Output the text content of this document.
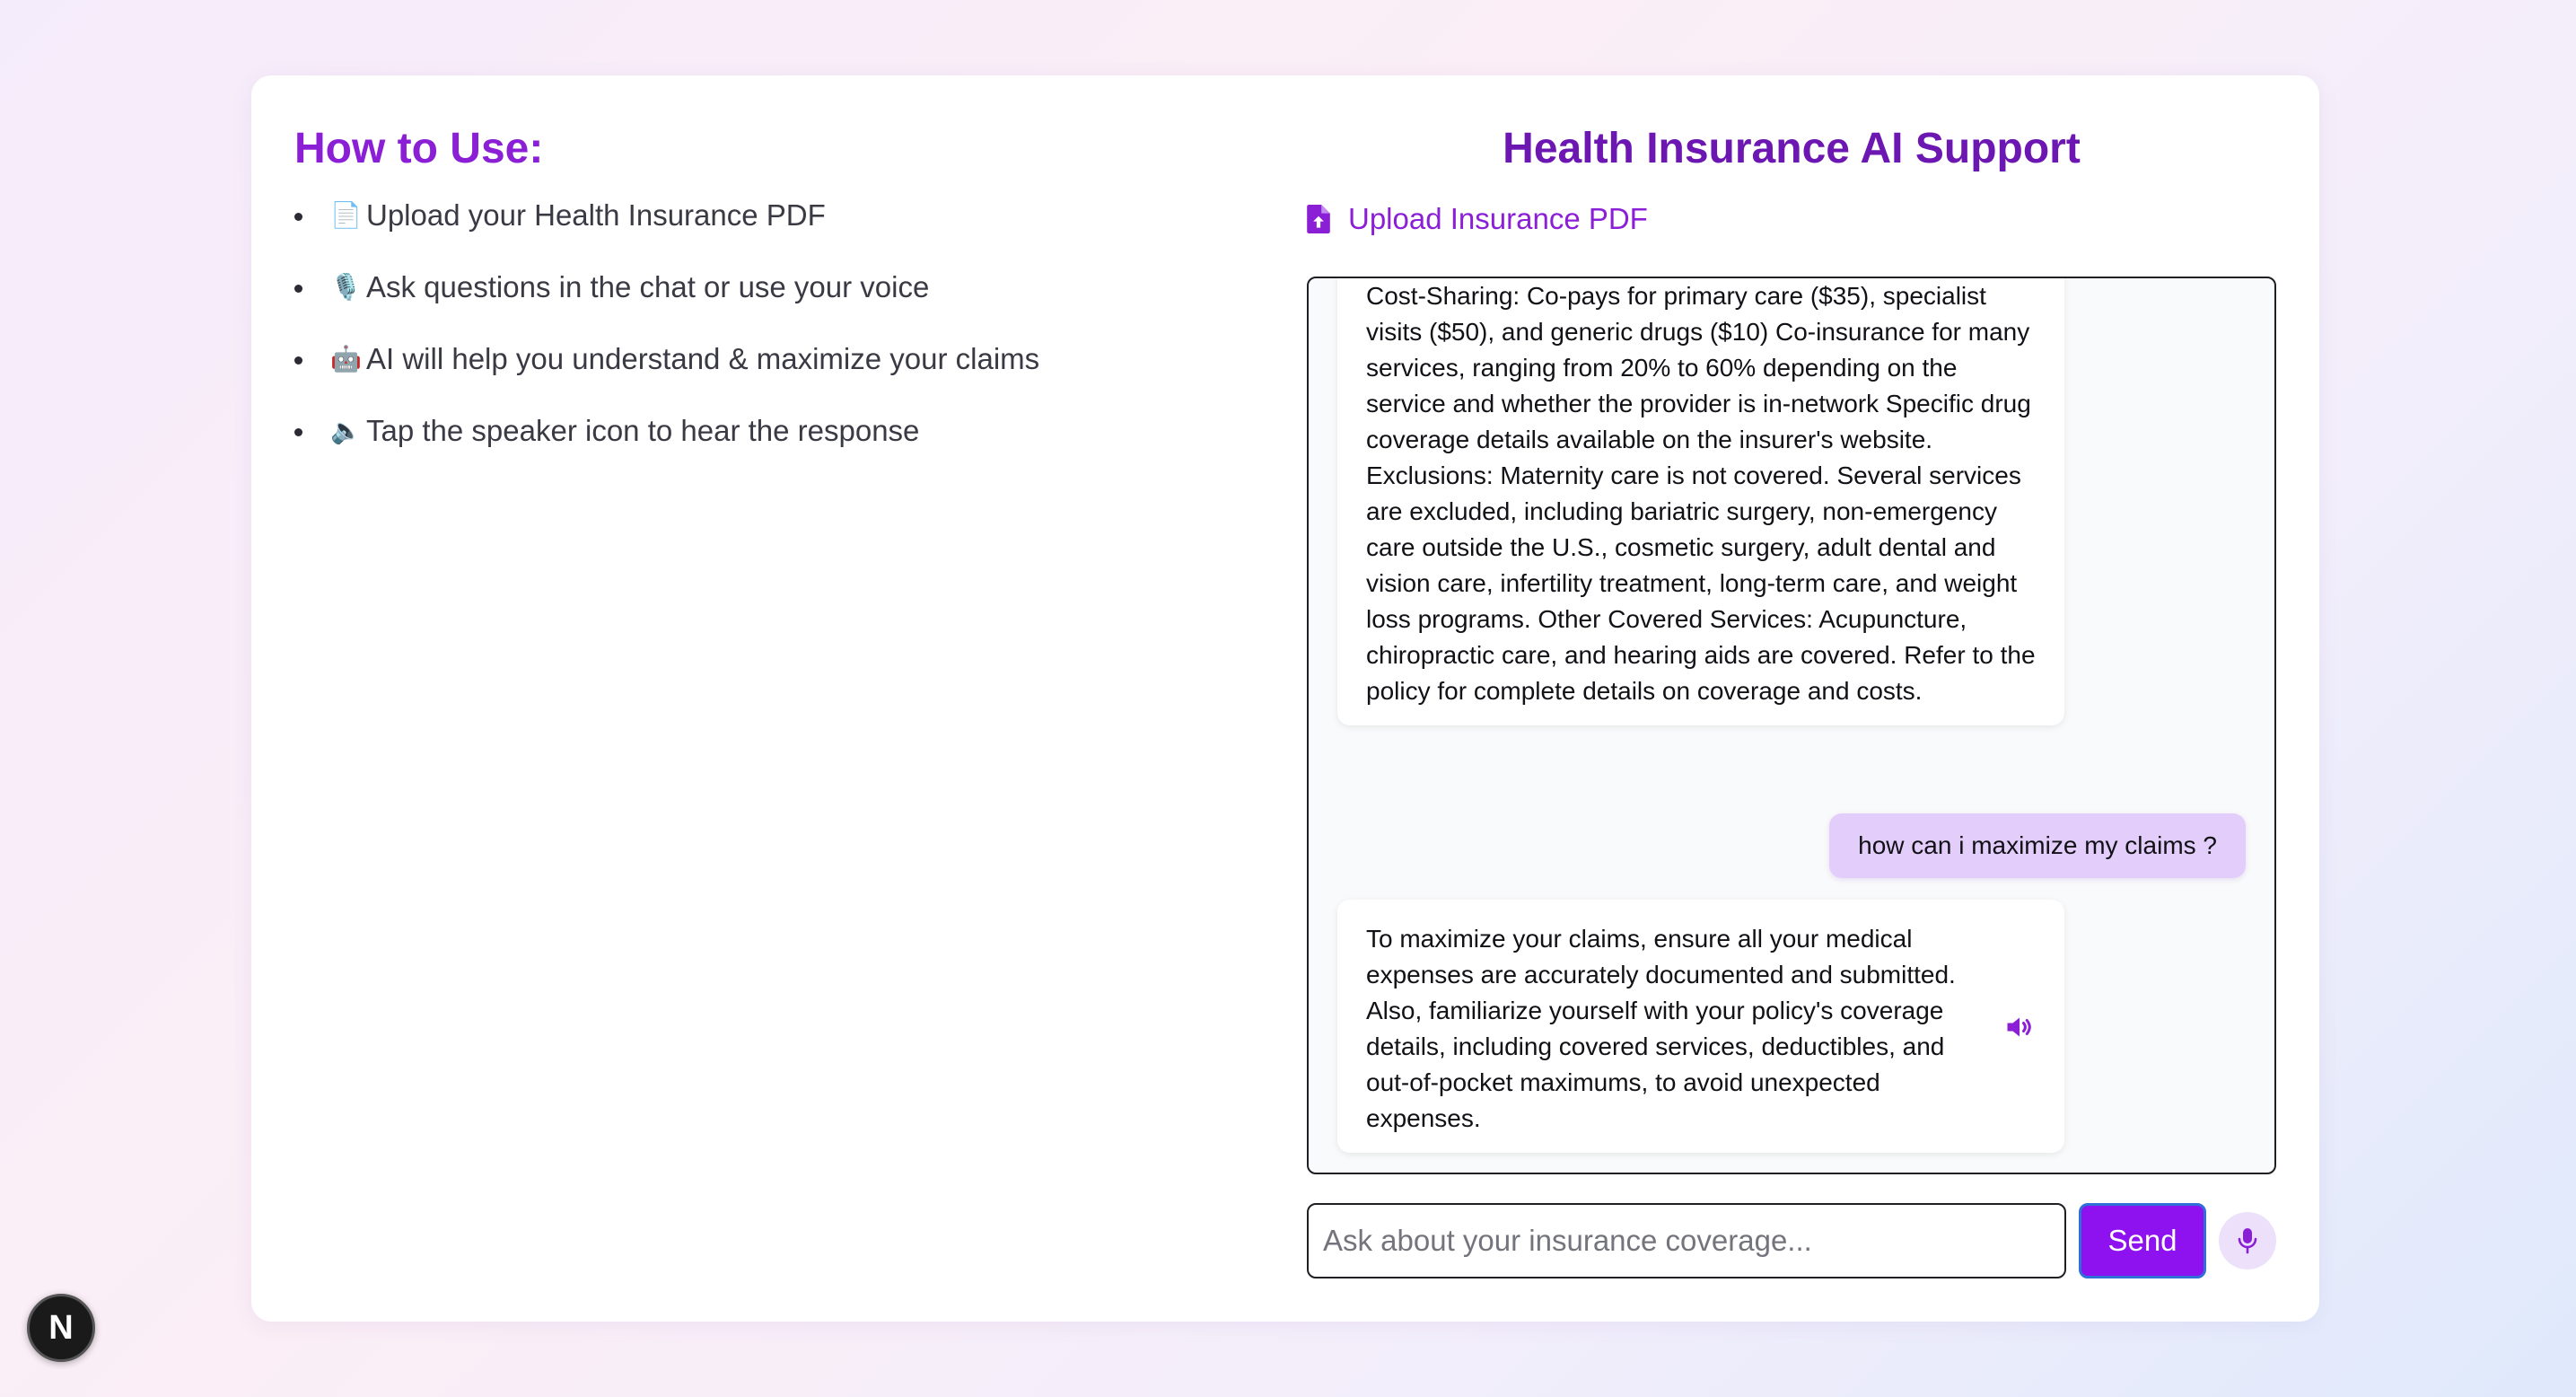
How to Use:
📄 Upload your Health Insurance PDF
🎙️ Ask questions in the chat or use your voice
🤖 AI will help you understand & maximize your claims
🔈 Tap the speaker icon to hear the response
Health Insurance AI Support
Upload Insurance PDF
Cost-Sharing: Co-pays for primary care ($35), specialist visits ($50), and generic drugs ($10) Co-insurance for many services, ranging from 20% to 60% depending on the service and whether the provider is in-network Specific drug coverage details available on the insurer's website. Exclusions: Maternity care is not covered. Several services are excluded, including bariatric surgery, non-emergency care outside the U.S., cosmetic surgery, adult dental and vision care, infertility treatment, long-term care, and weight loss programs. Other Covered Services: Acupuncture, chiropractic care, and hearing aids are covered. Refer to the policy for complete details on coverage and costs.
how can i maximize my claims ?
To maximize your claims, ensure all your medical expenses are accurately documented and submitted. Also, familiarize yourself with your policy's coverage details, including covered services, deductibles, and out-of-pocket maximums, to avoid unexpected expenses.
Ask about your insurance coverage...
Send
N
